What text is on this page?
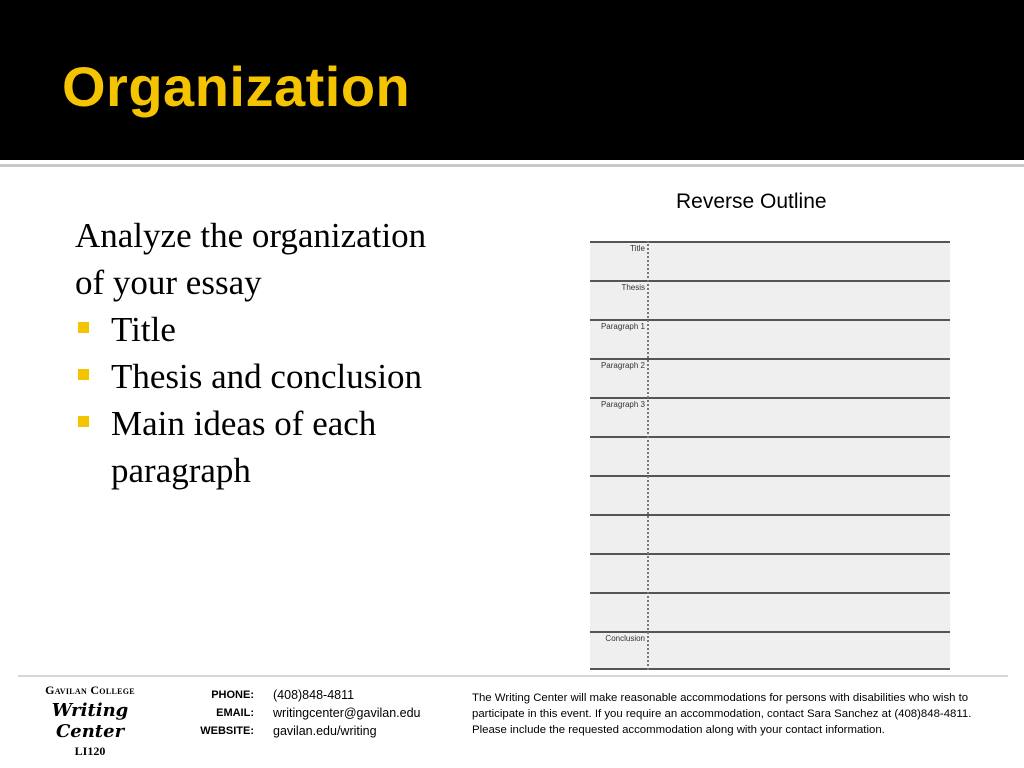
Organization
Analyze the organization
of your essay
Title
Thesis and conclusion
Main ideas of each paragraph
Reverse Outline
Title
Thesis
Paragraph 1
Paragraph 2
Paragraph 3
Conclusion
Gavilan College
Writing Center
LI120
PHONE: (408)848-4811
EMAIL: writingcenter@gavilan.edu
WEBSITE: gavilan.edu/writing
The Writing Center will make reasonable accommodations for persons with disabilities who wish to participate in this event. If you require an accommodation, contact Sara Sanchez at (408)848-4811. Please include the requested accommodation along with your contact information.
